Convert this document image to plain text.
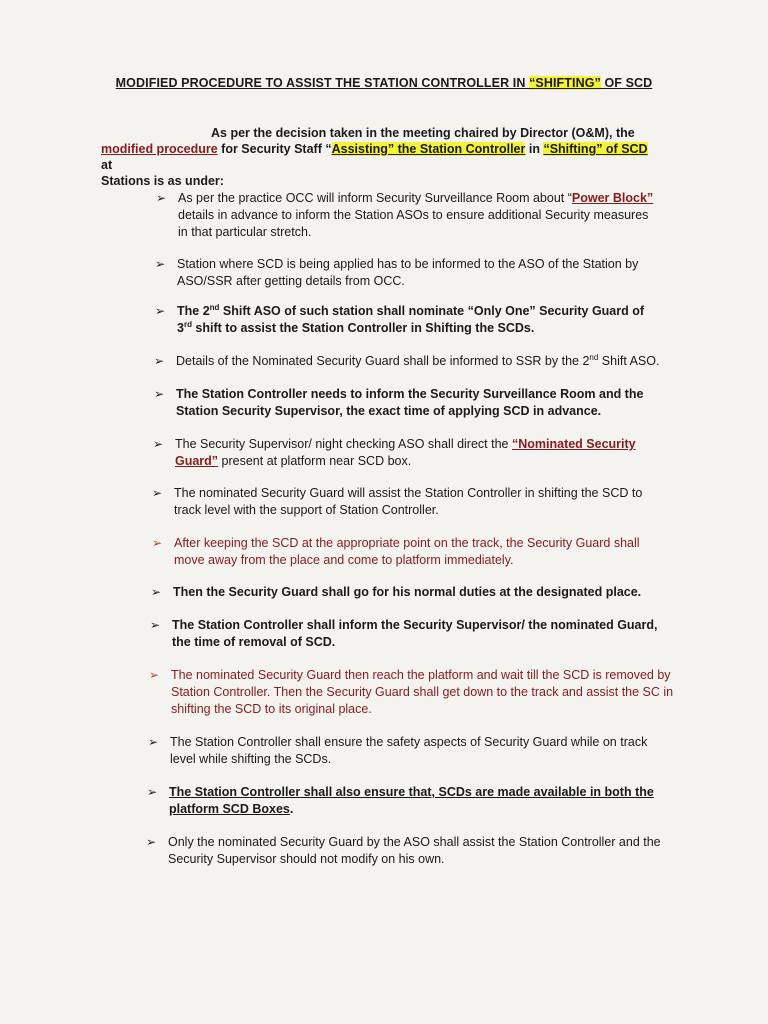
MODIFIED PROCEDURE TO ASSIST THE STATION CONTROLLER IN “SHIFTING” OF SCD
As per the decision taken in the meeting chaired by Director (O&M), the
modified procedure for Security Staff “Assisting” the Station Controller in “Shifting” of SCD at
Stations is as under:
➢ As per the practice OCC will inform Security Surveillance Room about “Power Block” details in advance to inform the Station ASOs to ensure additional Security measures in that particular stretch.
➢ Station where SCD is being applied has to be informed to the ASO of the Station by ASO/SSR after getting details from OCC.
➢ The 2nd Shift ASO of such station shall nominate “Only One” Security Guard of 3rd shift to assist the Station Controller in Shifting the SCDs.
➢ Details of the Nominated Security Guard shall be informed to SSR by the 2nd Shift ASO.
➢ The Station Controller needs to inform the Security Surveillance Room and the Station Security Supervisor, the exact time of applying SCD in advance.
➢ The Security Supervisor/ night checking ASO shall direct the “Nominated Security Guard” present at platform near SCD box.
➢ The nominated Security Guard will assist the Station Controller in shifting the SCD to track level with the support of Station Controller.
➢ After keeping the SCD at the appropriate point on the track, the Security Guard shall move away from the place and come to platform immediately.
➢ Then the Security Guard shall go for his normal duties at the designated place.
➢ The Station Controller shall inform the Security Supervisor/ the nominated Guard, the time of removal of SCD.
➢ The nominated Security Guard then reach the platform and wait till the SCD is removed by Station Controller. Then the Security Guard shall get down to the track and assist the SC in shifting the SCD to its original place.
➢ The Station Controller shall ensure the safety aspects of Security Guard while on track level while shifting the SCDs.
➢ The Station Controller shall also ensure that, SCDs are made available in both the platform SCD Boxes.
➢ Only the nominated Security Guard by the ASO shall assist the Station Controller and the Security Supervisor should not modify on his own.
